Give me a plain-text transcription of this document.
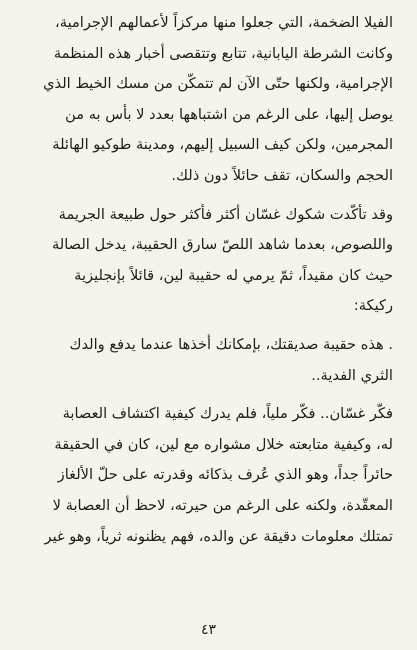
الفيلا الضخمة، التي جعلوا منها مركزاً لأعمالهم الإجرامية،
وكانت الشرطة اليابانية، تتابع وتتقصى أخبار هذه المنظمة
الإجرامية، ولكنها حتّى الآن لم تتمكّن من مسك الخيط الذي
يوصل إليها، على الرغم من اشتباهها بعدد لا بأس به من
المجرمين، ولكن كيف السبيل إليهم، ومدينة طوكيو الهائلة
الحجم والسكان، تقف حائلاً دون ذلك.
وقد تأكّدت شكوك غسّان أكثر فأكثر حول طبيعة الجريمة
واللصوص، بعدما شاهد اللصّ سارق الحقيبة، يدخل الصالة
حيث كان مقيداً، ثمّ يرمي له حقيبة لين، قائلاً بإنجليزية
ركيكة:
. هذه حقيبة صديقتك، بإمكانك أخذها عندما يدفع والدك
الثري الفدية..
فكّر غسّان.. فكّر ملياً، فلم يدرك كيفية اكتشاف العصابة
له، وكيفية متابعته خلال مشواره مع لين، كان في الحقيقة
حائراً جداً، وهو الذي عُرف بذكائه وقدرته على حلّ الألغاز
المعقّدة، ولكنه على الرغم من حيرته، لاحظ أن العصابة لا
تمتلك معلومات دقيقة عن والده، فهم يظنونه ثرياً، وهو غير
٤٣
